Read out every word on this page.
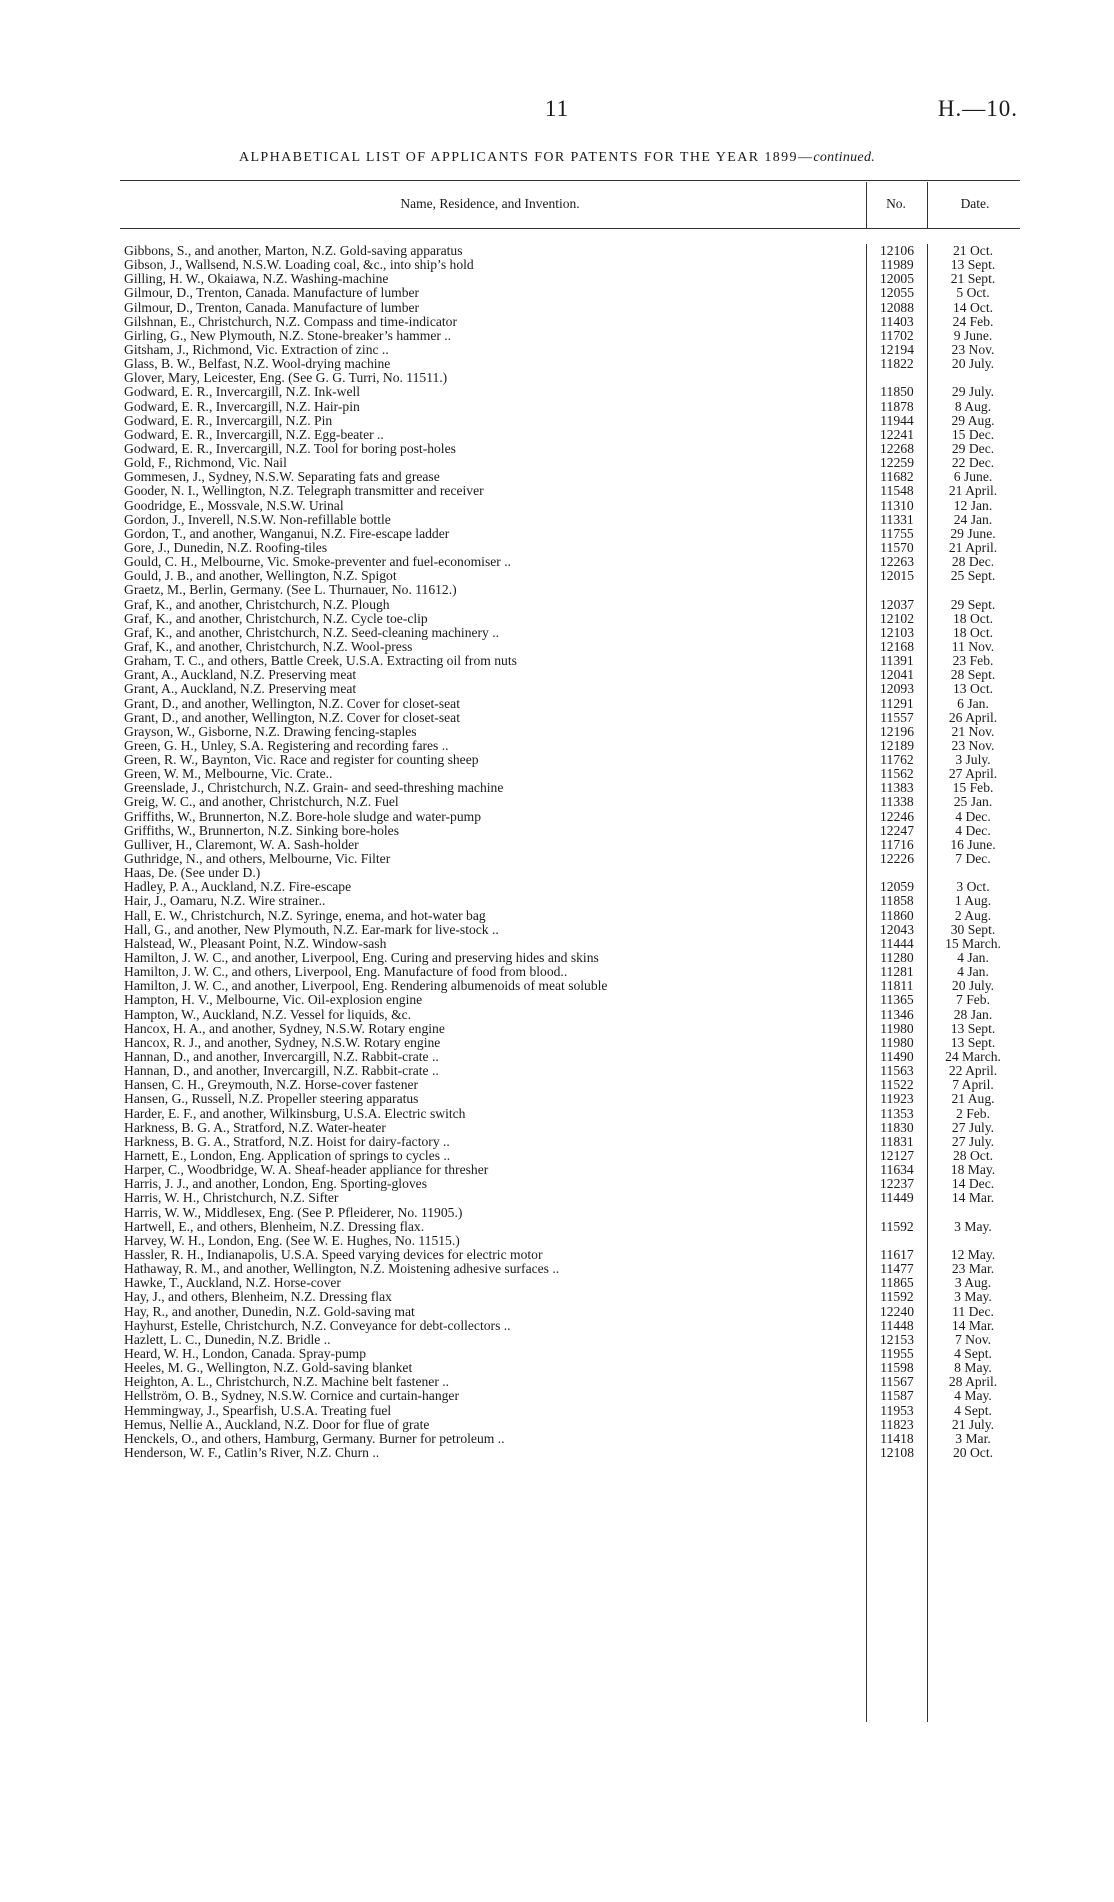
11	H.—10.
ALPHABETICAL LIST OF APPLICANTS FOR PATENTS FOR THE YEAR 1899—continued.
Name, Residence, and Invention.	No.	Date.
Gibbons, S., and another, Marton, N.Z. Gold-saving apparatus	12106	21 Oct.
Gibson, J., Wallsend, N.S.W. Loading coal, &c., into ship’s hold	11989	13 Sept.
Gilling, H. W., Okaiawa, N.Z. Washing-machine	12005	21 Sept.
Gilmour, D., Trenton, Canada. Manufacture of lumber	12055	5 Oct.
Gilmour, D., Trenton, Canada. Manufacture of lumber	12088	14 Oct.
Gilshnan, E., Christchurch, N.Z. Compass and time-indicator	11403	24 Feb.
Girling, G., New Plymouth, N.Z. Stone-breaker’s hammer ..	11702	9 June.
Gitsham, J., Richmond, Vic. Extraction of zinc ..	12194	23 Nov.
Glass, B. W., Belfast, N.Z. Wool-drying machine	11822	20 July.
Glover, Mary, Leicester, Eng. (See G. G. Turri, No. 11511.)
Godward, E. R., Invercargill, N.Z. Ink-well	11850	29 July.
Godward, E. R., Invercargill, N.Z. Hair-pin	11878	8 Aug.
Godward, E. R., Invercargill, N.Z. Pin	11944	29 Aug.
Godward, E. R., Invercargill, N.Z. Egg-beater ..	12241	15 Dec.
Godward, E. R., Invercargill, N.Z. Tool for boring post-holes	12268	29 Dec.
Gold, F., Richmond, Vic. Nail	12259	22 Dec.
Gommesen, J., Sydney, N.S.W. Separating fats and grease	11682	6 June.
Gooder, N. I., Wellington, N.Z. Telegraph transmitter and receiver	11548	21 April.
Goodridge, E., Mossvale, N.S.W. Urinal	11310	12 Jan.
Gordon, J., Inverell, N.S.W. Non-refillable bottle	11331	24 Jan.
Gordon, T., and another, Wanganui, N.Z. Fire-escape ladder	11755	29 June.
Gore, J., Dunedin, N.Z. Roofing-tiles	11570	21 April.
Gould, C. H., Melbourne, Vic. Smoke-preventer and fuel-economiser ..	12263	28 Dec.
Gould, J. B., and another, Wellington, N.Z. Spigot	12015	25 Sept.
Graetz, M., Berlin, Germany. (See L. Thurnauer, No. 11612.)
Graf, K., and another, Christchurch, N.Z. Plough	12037	29 Sept.
Graf, K., and another, Christchurch, N.Z. Cycle toe-clip	12102	18 Oct.
Graf, K., and another, Christchurch, N.Z. Seed-cleaning machinery ..	12103	18 Oct.
Graf, K., and another, Christchurch, N.Z. Wool-press	12168	11 Nov.
Graham, T. C., and others, Battle Creek, U.S.A. Extracting oil from nuts	11391	23 Feb.
Grant, A., Auckland, N.Z. Preserving meat	12041	28 Sept.
Grant, A., Auckland, N.Z. Preserving meat	12093	13 Oct.
Grant, D., and another, Wellington, N.Z. Cover for closet-seat	11291	6 Jan.
Grant, D., and another, Wellington, N.Z. Cover for closet-seat	11557	26 April.
Grayson, W., Gisborne, N.Z. Drawing fencing-staples	12196	21 Nov.
Green, G. H., Unley, S.A. Registering and recording fares ..	12189	23 Nov.
Green, R. W., Baynton, Vic. Race and register for counting sheep	11762	3 July.
Green, W. M., Melbourne, Vic. Crate..	11562	27 April.
Greenslade, J., Christchurch, N.Z. Grain- and seed-threshing machine	11383	15 Feb.
Greig, W. C., and another, Christchurch, N.Z. Fuel	11338	25 Jan.
Griffiths, W., Brunnerton, N.Z. Bore-hole sludge and water-pump	12246	4 Dec.
Griffiths, W., Brunnerton, N.Z. Sinking bore-holes	12247	4 Dec.
Gulliver, H., Claremont, W. A. Sash-holder	11716	16 June.
Guthridge, N., and others, Melbourne, Vic. Filter	12226	7 Dec.
Haas, De. (See under D.)
Hadley, P. A., Auckland, N.Z. Fire-escape	12059	3 Oct.
Hair, J., Oamaru, N.Z. Wire strainer..	11858	1 Aug.
Hall, E. W., Christchurch, N.Z. Syringe, enema, and hot-water bag	11860	2 Aug.
Hall, G., and another, New Plymouth, N.Z. Ear-mark for live-stock ..	12043	30 Sept.
Halstead, W., Pleasant Point, N.Z. Window-sash	11444	15 March.
Hamilton, J. W. C., and another, Liverpool, Eng. Curing and preserving hides and skins	11280	4 Jan.
Hamilton, J. W. C., and others, Liverpool, Eng. Manufacture of food from blood..	11281	4 Jan.
Hamilton, J. W. C., and another, Liverpool, Eng. Rendering albumenoids of meat soluble	11811	20 July.
Hampton, H. V., Melbourne, Vic. Oil-explosion engine	11365	7 Feb.
Hampton, W., Auckland, N.Z. Vessel for liquids, &c.	11346	28 Jan.
Hancox, H. A., and another, Sydney, N.S.W. Rotary engine	11980	13 Sept.
Hancox, R. J., and another, Sydney, N.S.W. Rotary engine	11980	13 Sept.
Hannan, D., and another, Invercargill, N.Z. Rabbit-crate ..	11490	24 March.
Hannan, D., and another, Invercargill, N.Z. Rabbit-crate ..	11563	22 April.
Hansen, C. H., Greymouth, N.Z. Horse-cover fastener	11522	7 April.
Hansen, G., Russell, N.Z. Propeller steering apparatus	11923	21 Aug.
Harder, E. F., and another, Wilkinsburg, U.S.A. Electric switch	11353	2 Feb.
Harkness, B. G. A., Stratford, N.Z. Water-heater	11830	27 July.
Harkness, B. G. A., Stratford, N.Z. Hoist for dairy-factory ..	11831	27 July.
Harnett, E., London, Eng. Application of springs to cycles ..	12127	28 Oct.
Harper, C., Woodbridge, W. A. Sheaf-header appliance for thresher	11634	18 May.
Harris, J. J., and another, London, Eng. Sporting-gloves	12237	14 Dec.
Harris, W. H., Christchurch, N.Z. Sifter	11449	14 Mar.
Harris, W. W., Middlesex, Eng. (See P. Pfleiderer, No. 11905.)
Hartwell, E., and others, Blenheim, N.Z. Dressing flax.	11592	3 May.
Harvey, W. H., London, Eng. (See W. E. Hughes, No. 11515.)
Hassler, R. H., Indianapolis, U.S.A. Speed varying devices for electric motor	11617	12 May.
Hathaway, R. M., and another, Wellington, N.Z. Moistening adhesive surfaces ..	11477	23 Mar.
Hawke, T., Auckland, N.Z. Horse-cover	11865	3 Aug.
Hay, J., and others, Blenheim, N.Z. Dressing flax	11592	3 May.
Hay, R., and another, Dunedin, N.Z. Gold-saving mat	12240	11 Dec.
Hayhurst, Estelle, Christchurch, N.Z. Conveyance for debt-collectors ..	11448	14 Mar.
Hazlett, L. C., Dunedin, N.Z. Bridle ..	12153	7 Nov.
Heard, W. H., London, Canada. Spray-pump	11955	4 Sept.
Heeles, M. G., Wellington, N.Z. Gold-saving blanket	11598	8 May.
Heighton, A. L., Christchurch, N.Z. Machine belt fastener ..	11567	28 April.
Hellström, O. B., Sydney, N.S.W. Cornice and curtain-hanger	11587	4 May.
Hemmingway, J., Spearfish, U.S.A. Treating fuel	11953	4 Sept.
Hemus, Nellie A., Auckland, N.Z. Door for flue of grate	11823	21 July.
Henckels, O., and others, Hamburg, Germany. Burner for petroleum ..	11418	3 Mar.
Henderson, W. F., Catlin’s River, N.Z. Churn ..	12108	20 Oct.
